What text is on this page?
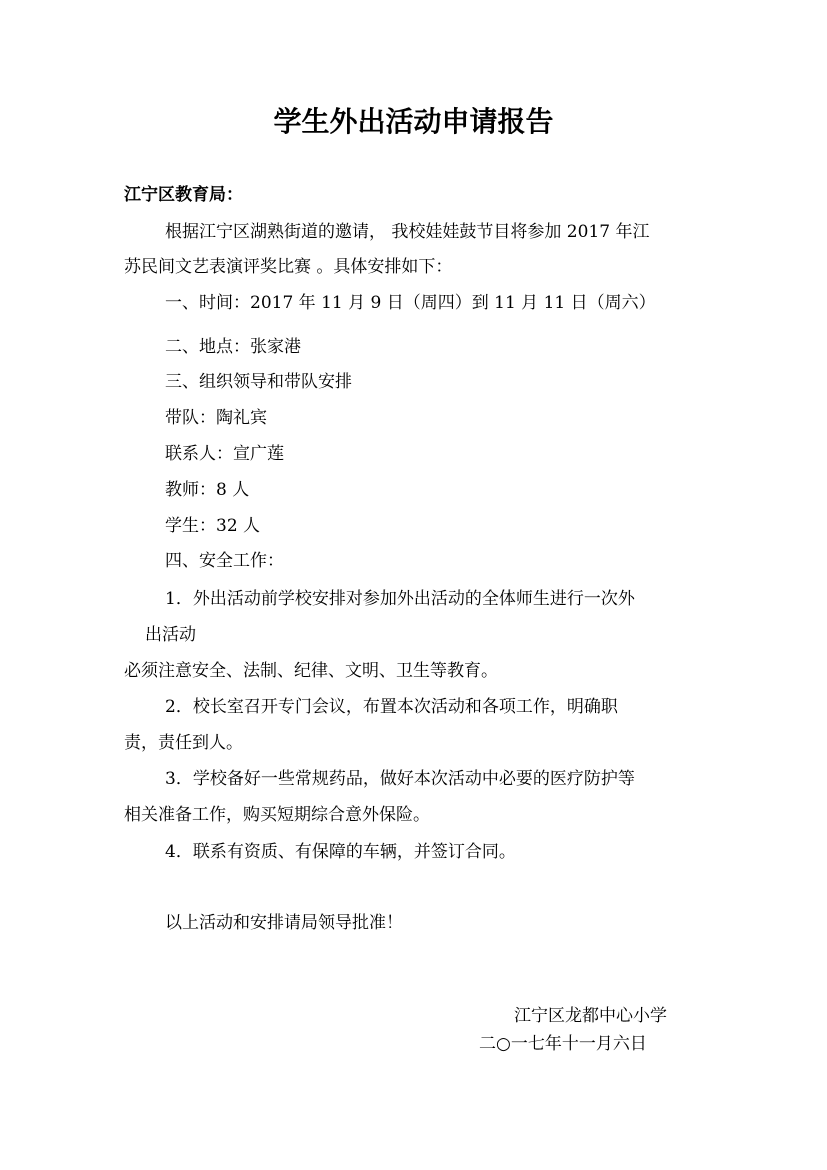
学生外出活动申请报告

江宁区教育局：

根据江宁区湖熟街道的邀请， 我校娃娃鼓节目将参加 2017 年江

苏民间文艺表演评奖比赛 。具体安排如下：

一、时间：2017 年 11 月 9 日（周四）到 11 月 11 日（周六）

二、地点：张家港

三、组织领导和带队安排

带队：陶礼宾

联系人：宣广莲

教师：8 人

学生：32 人

四、安全工作：

1．外出活动前学校安排对参加外出活动的全体师生进行一次外

出活动

必须注意安全、法制、纪律、文明、卫生等教育。

2．校长室召开专门会议，布置本次活动和各项工作，明确职

责，责任到人。

3．学校备好一些常规药品，做好本次活动中必要的医疗防护等

相关准备工作，购买短期综合意外保险。

4．联系有资质、有保障的车辆，并签订合同。

以上活动和安排请局领导批准！

江宁区龙都中心小学

二○一七年十一月六日
